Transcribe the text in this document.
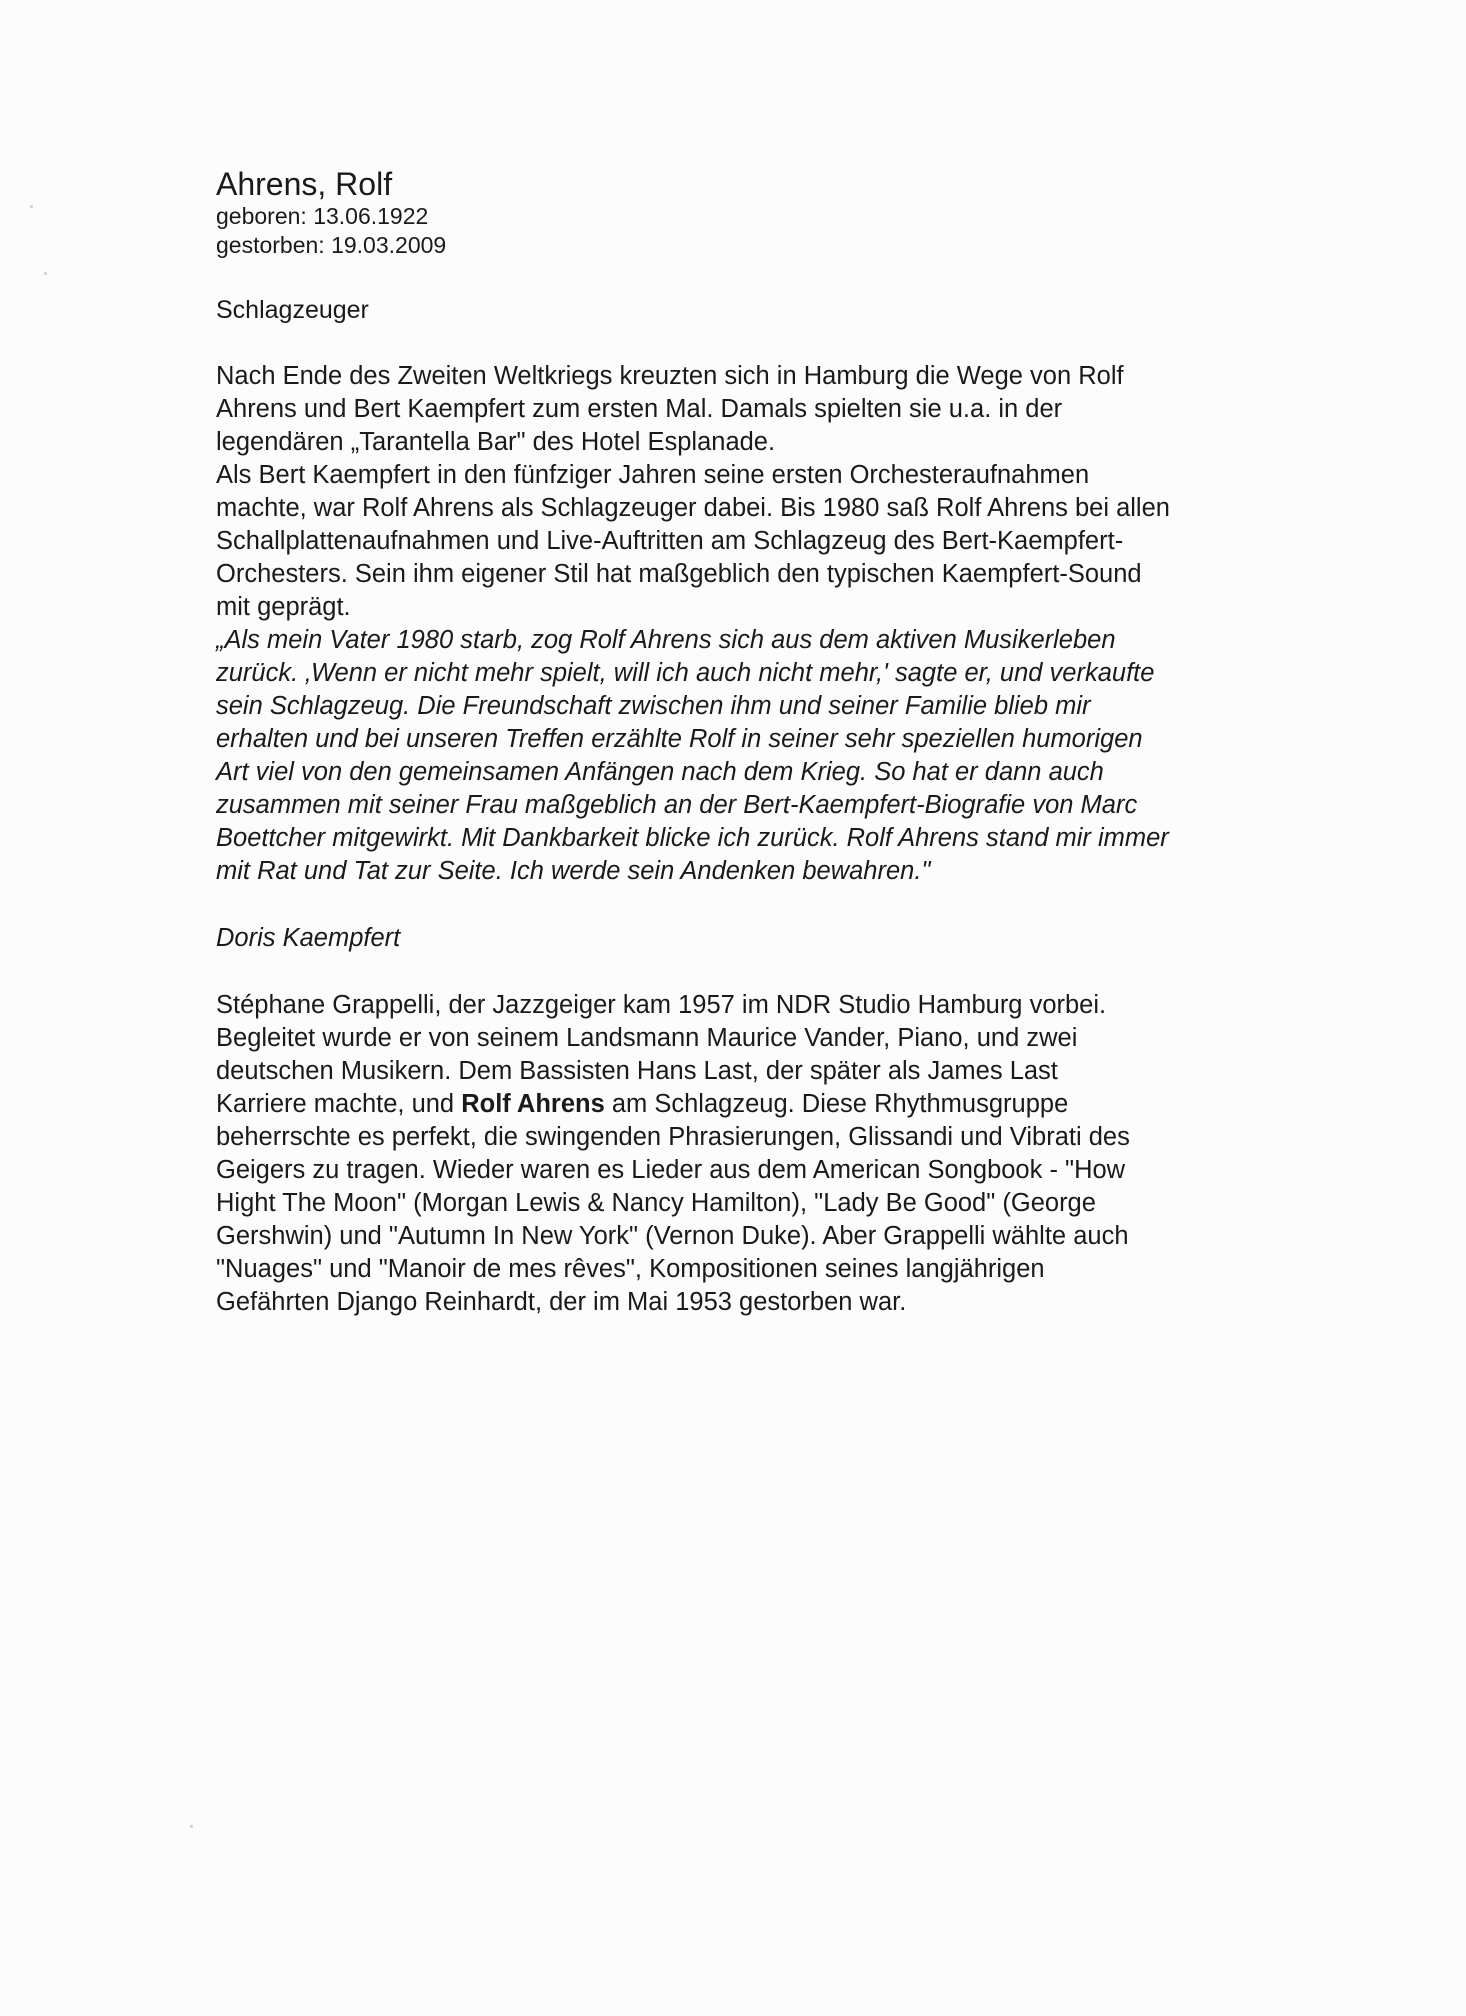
Ahrens, Rolf

geboren: 13.06.1922

gestorben: 19.03.2009

Schlagzeuger

Nach Ende des Zweiten Weltkriegs kreuzten sich in Hamburg die Wege von Rolf
Ahrens und Bert Kaempfert zum ersten Mal. Damals spielten sie u.a. in der
legendären „Tarantella Bar" des Hotel Esplanade.
Als Bert Kaempfert in den fünfziger Jahren seine ersten Orchesteraufnahmen
machte, war Rolf Ahrens als Schlagzeuger dabei. Bis 1980 saß Rolf Ahrens bei allen
Schallplattenaufnahmen und Live-Auftritten am Schlagzeug des Bert-Kaempfert-
Orchesters. Sein ihm eigener Stil hat maßgeblich den typischen Kaempfert-Sound
mit geprägt.
„Als mein Vater 1980 starb, zog Rolf Ahrens sich aus dem aktiven Musikerleben
zurück. ‚Wenn er nicht mehr spielt, will ich auch nicht mehr,' sagte er, und verkaufte
sein Schlagzeug. Die Freundschaft zwischen ihm und seiner Familie blieb mir
erhalten und bei unseren Treffen erzählte Rolf in seiner sehr speziellen humorigen
Art viel von den gemeinsamen Anfängen nach dem Krieg. So hat er dann auch
zusammen mit seiner Frau maßgeblich an der Bert-Kaempfert-Biografie von Marc
Boettcher mitgewirkt. Mit Dankbarkeit blicke ich zurück. Rolf Ahrens stand mir immer
mit Rat und Tat zur Seite. Ich werde sein Andenken bewahren."

Doris Kaempfert

Stéphane Grappelli, der Jazzgeiger kam 1957 im NDR Studio Hamburg vorbei.
Begleitet wurde er von seinem Landsmann Maurice Vander, Piano, und zwei
deutschen Musikern. Dem Bassisten Hans Last, der später als James Last
Karriere machte, und Rolf Ahrens am Schlagzeug. Diese Rhythmusgruppe
beherrschte es perfekt, die swingenden Phrasierungen, Glissandi und Vibrati des
Geigers zu tragen. Wieder waren es Lieder aus dem American Songbook - "How
Hight The Moon" (Morgan Lewis & Nancy Hamilton), "Lady Be Good" (George
Gershwin) und "Autumn In New York" (Vernon Duke). Aber Grappelli wählte auch
"Nuages" und "Manoir de mes rêves", Kompositionen seines langjährigen
Gefährten Django Reinhardt, der im Mai 1953 gestorben war.
